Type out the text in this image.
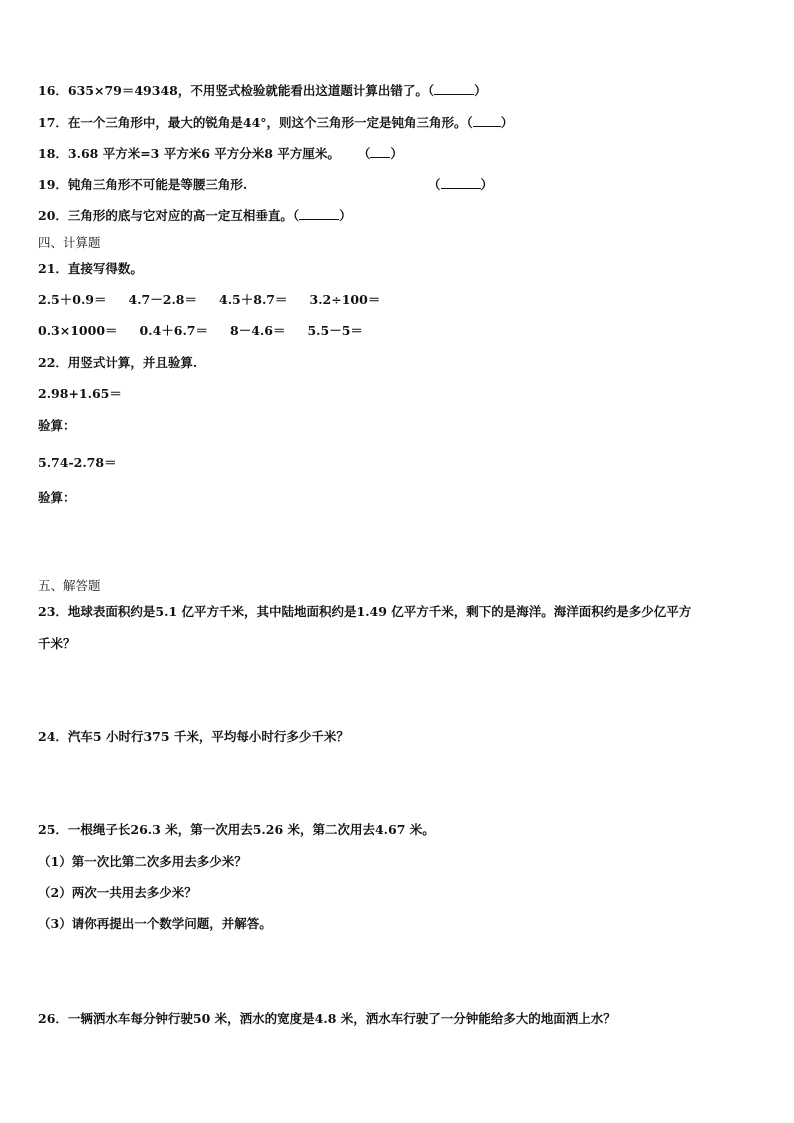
16．635×79＝49348，不用竖式检验就能看出这道题计算出错了。（	）
17．在一个三角形中，最大的锐角是44°，则这个三角形一定是钝角三角形。（ ）
18．3.68 平方米=3 平方米6 平方分米8 平方厘米。 （ ）
19．钝角三角形不可能是等腰三角形.	（	）
20．三角形的底与它对应的高一定互相垂直。（	）
四、计算题
21．直接写得数。
2.5＋0.9＝ 4.7－2.8＝ 4.5＋8.7＝ 3.2÷100＝
0.3×1000＝ 0.4＋6.7＝ 8－4.6＝ 5.5－5＝
22．用竖式计算，并且验算.
2.98+1.65＝
验算：
5.74-2.78＝
验算：
五、解答题
23．地球表面积约是5.1 亿平方千米，其中陆地面积约是1.49 亿平方千米，剩下的是海洋。海洋面积约是多少亿平方
千米？
24．汽车5 小时行375 千米，平均每小时行多少千米？
25．一根绳子长26.3 米，第一次用去5.26 米，第二次用去4.67 米。
（1）第一次比第二次多用去多少米？
（2）两次一共用去多少米？
（3）请你再提出一个数学问题，并解答。
26．一辆洒水车每分钟行驶50 米，洒水的宽度是4.8 米，洒水车行驶了一分钟能给多大的地面洒上水？
